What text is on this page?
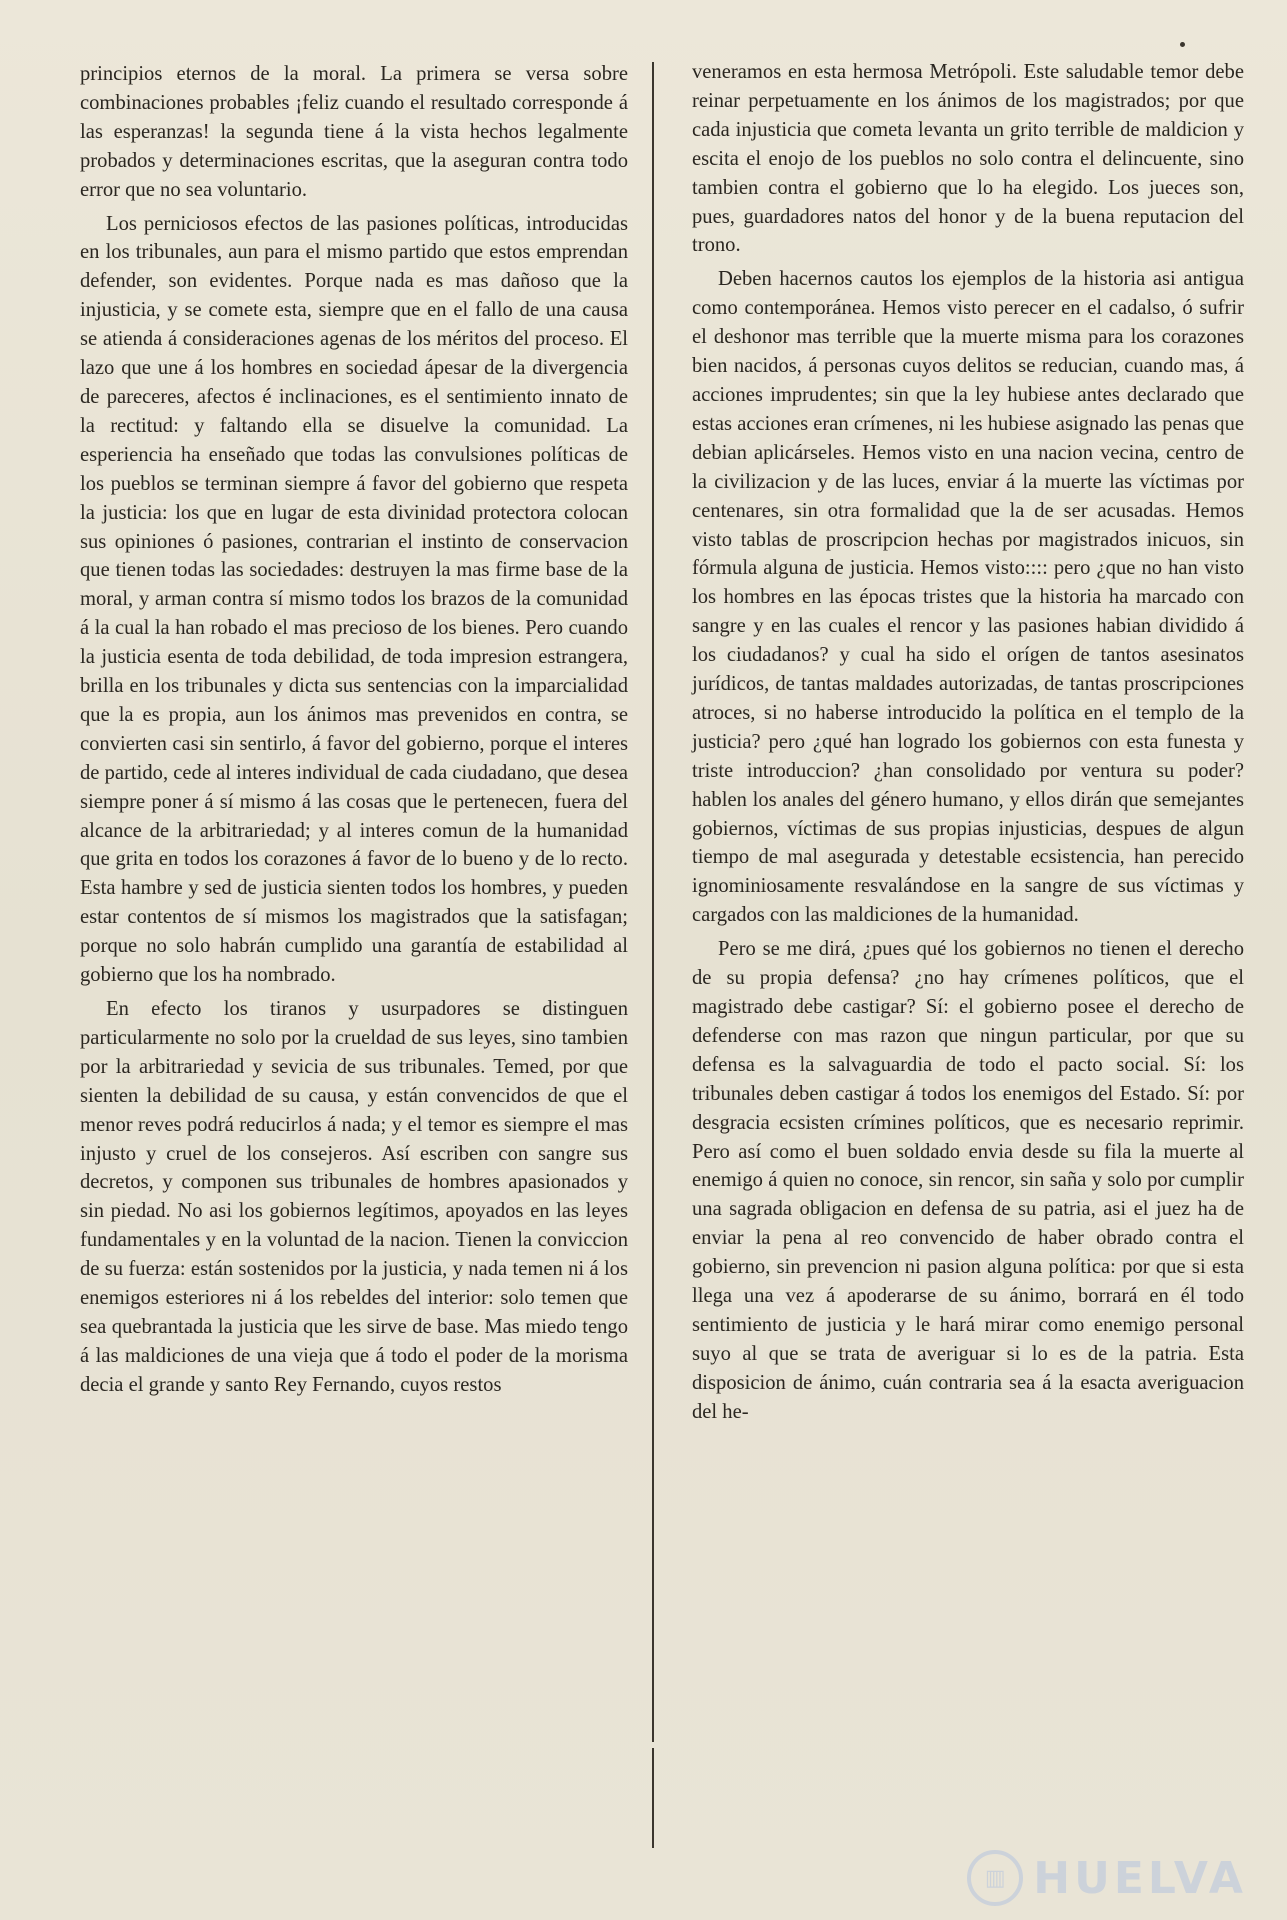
principios eternos de la moral. La primera se versa sobre combinaciones probables ¡feliz cuando el resultado corresponde á las esperanzas! la segunda tiene á la vista hechos legalmente probados y determinaciones escritas, que la aseguran contra todo error que no sea voluntario.

Los perniciosos efectos de las pasiones políticas, introducidas en los tribunales, aun para el mismo partido que estos emprendan defender, son evidentes. Porque nada es mas dañoso que la injusticia, y se comete esta, siempre que en el fallo de una causa se atienda á consideraciones agenas de los méritos del proceso. El lazo que une á los hombres en sociedad ápesar de la divergencia de pareceres, afectos é inclinaciones, es el sentimiento innato de la rectitud: y faltando ella se disuelve la comunidad. La esperiencia ha enseñado que todas las convulsiones políticas de los pueblos se terminan siempre á favor del gobierno que respeta la justicia: los que en lugar de esta divinidad protectora colocan sus opiniones ó pasiones, contrarian el instinto de conservacion que tienen todas las sociedades: destruyen la mas firme base de la moral, y arman contra sí mismo todos los brazos de la comunidad á la cual la han robado el mas precioso de los bienes. Pero cuando la justicia esenta de toda debilidad, de toda impresion estrangera, brilla en los tribunales y dicta sus sentencias con la imparcialidad que la es propia, aun los ánimos mas prevenidos en contra, se convierten casi sin sentirlo, á favor del gobierno, porque el interes de partido, cede al interes individual de cada ciudadano, que desea siempre poner á sí mismo á las cosas que le pertenecen, fuera del alcance de la arbitrariedad; y al interes comun de la humanidad que grita en todos los corazones á favor de lo bueno y de lo recto. Esta hambre y sed de justicia sienten todos los hombres, y pueden estar contentos de sí mismos los magistrados que la satisfagan; porque no solo habrán cumplido una garantía de estabilidad al gobierno que los ha nombrado.

En efecto los tiranos y usurpadores se distinguen particularmente no solo por la crueldad de sus leyes, sino tambien por la arbitrariedad y sevicia de sus tribunales. Temed, por que sienten la debilidad de su causa, y están convencidos de que el menor reves podrá reducirlos á nada; y el temor es siempre el mas injusto y cruel de los consejeros. Así escriben con sangre sus decretos, y componen sus tribunales de hombres apasionados y sin piedad. No asi los gobiernos legítimos, apoyados en las leyes fundamentales y en la voluntad de la nacion. Tienen la conviccion de su fuerza: están sostenidos por la justicia, y nada temen ni á los enemigos esteriores ni á los rebeldes del interior: solo temen que sea quebrantada la justicia que les sirve de base. Mas miedo tengo á las maldiciones de una vieja que á todo el poder de la morisma decia el grande y santo Rey Fernando, cuyos restos

veneramos en esta hermosa Metrópoli. Este saludable temor debe reinar perpetuamente en los ánimos de los magistrados; por que cada injusticia que cometa levanta un grito terrible de maldicion y escita el enojo de los pueblos no solo contra el delincuente, sino tambien contra el gobierno que lo ha elegido. Los jueces son, pues, guardadores natos del honor y de la buena reputacion del trono.

Deben hacernos cautos los ejemplos de la historia asi antigua como contemporánea. Hemos visto perecer en el cadalso, ó sufrir el deshonor mas terrible que la muerte misma para los corazones bien nacidos, á personas cuyos delitos se reducian, cuando mas, á acciones imprudentes; sin que la ley hubiese antes declarado que estas acciones eran crímenes, ni les hubiese asignado las penas que debian aplicárseles. Hemos visto en una nacion vecina, centro de la civilizacion y de las luces, enviar á la muerte las víctimas por centenares, sin otra formalidad que la de ser acusadas. Hemos visto tablas de proscripcion hechas por magistrados inicuos, sin fórmula alguna de justicia. Hemos visto:::: pero ¿que no han visto los hombres en las épocas tristes que la historia ha marcado con sangre y en las cuales el rencor y las pasiones habian dividido á los ciudadanos? y cual ha sido el orígen de tantos asesinatos jurídicos, de tantas maldades autorizadas, de tantas proscripciones atroces, si no haberse introducido la política en el templo de la justicia? pero ¿qué han logrado los gobiernos con esta funesta y triste introduccion? ¿han consolidado por ventura su poder? hablen los anales del género humano, y ellos dirán que semejantes gobiernos, víctimas de sus propias injusticias, despues de algun tiempo de mal asegurada y detestable ecsistencia, han perecido ignominiosamente resvalándose en la sangre de sus víctimas y cargados con las maldiciones de la humanidad.

Pero se me dirá, ¿pues qué los gobiernos no tienen el derecho de su propia defensa? ¿no hay crímenes políticos, que el magistrado debe castigar? Sí: el gobierno posee el derecho de defenderse con mas razon que ningun particular, por que su defensa es la salvaguardia de todo el pacto social. Sí: los tribunales deben castigar á todos los enemigos del Estado. Sí: por desgracia ecsisten crímines políticos, que es necesario reprimir. Pero así como el buen soldado envia desde su fila la muerte al enemigo á quien no conoce, sin rencor, sin saña y solo por cumplir una sagrada obligacion en defensa de su patria, asi el juez ha de enviar la pena al reo convencido de haber obrado contra el gobierno, sin prevencion ni pasion alguna política: por que si esta llega una vez á apoderarse de su ánimo, borrará en él todo sentimiento de justicia y le hará mirar como enemigo personal suyo al que se trata de averiguar si lo es de la patria. Esta disposicion de ánimo, cuán contraria sea á la esacta averiguacion del he-

▥ HUELVA
